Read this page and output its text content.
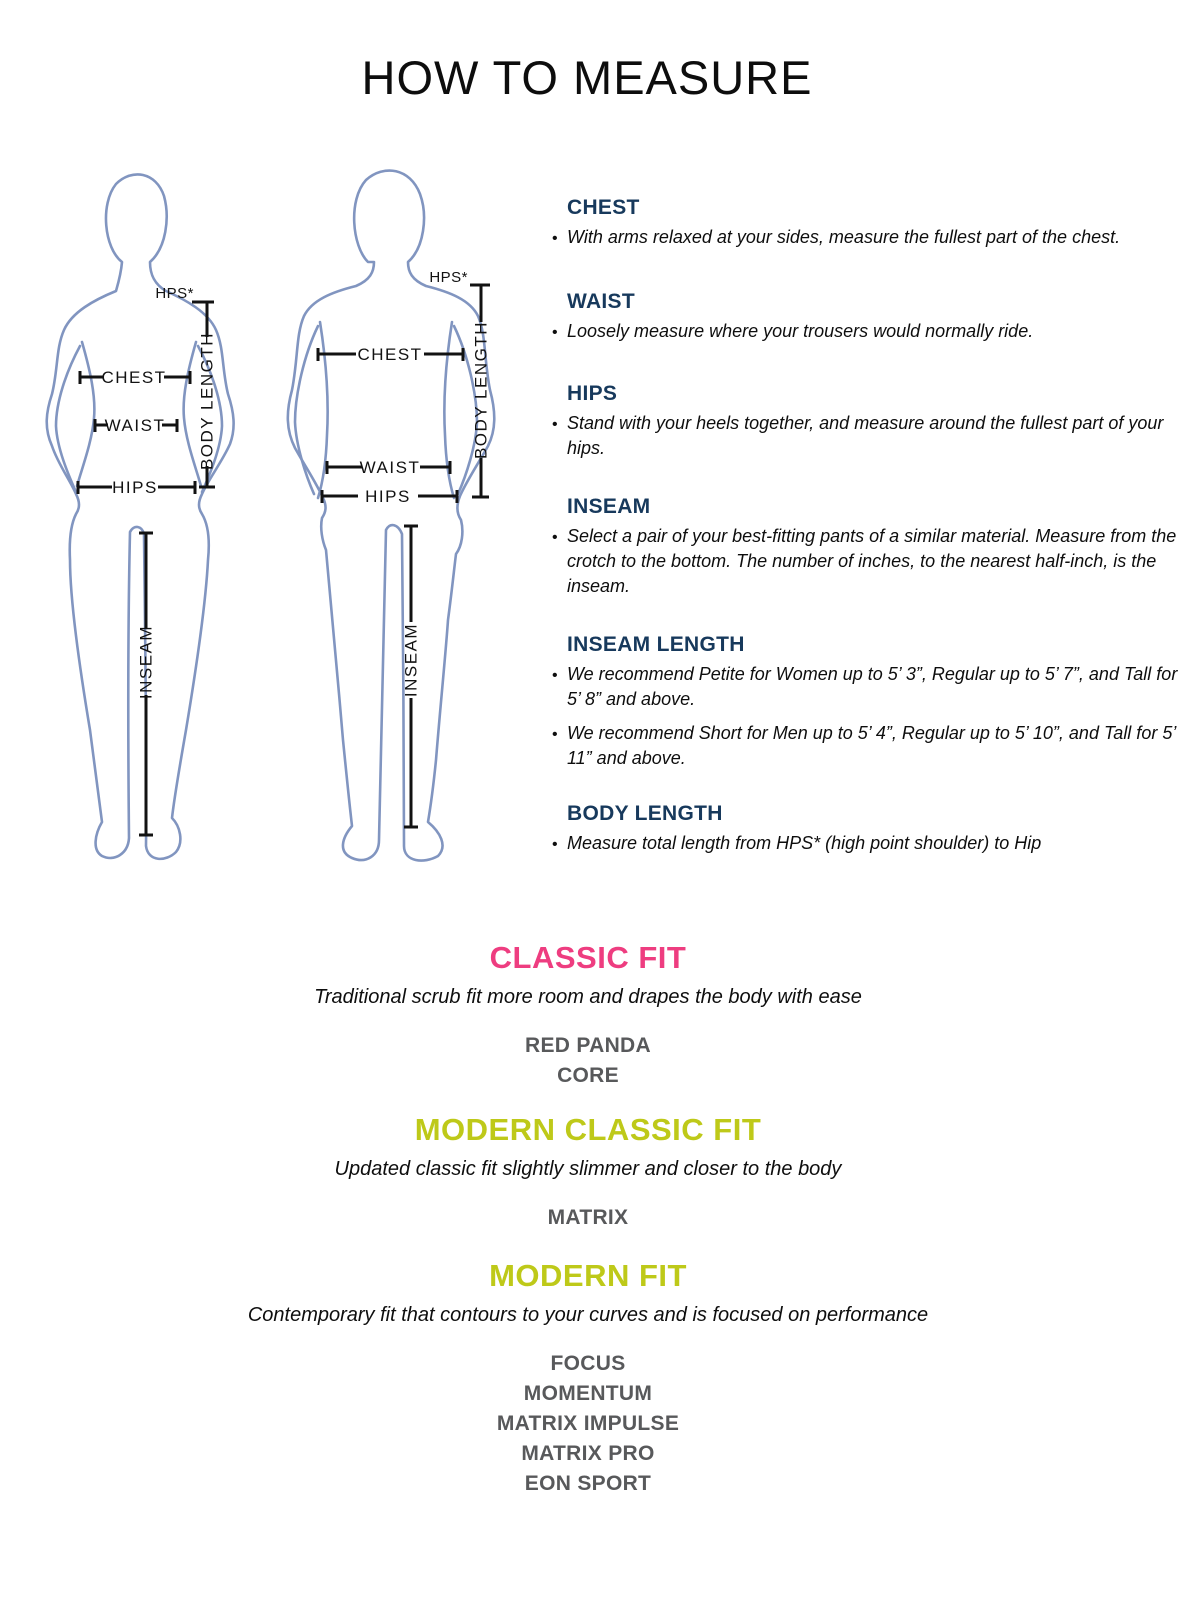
HOW TO MEASURE
HPS*
BODY LENGTH
CHEST
WAIST
HIPS
INSEAM
HPS*
BODY LENGTH
CHEST
WAIST
HIPS
INSEAM
CHEST

• With arms relaxed at your sides, measure the fullest part of the chest.

WAIST

• Loosely measure where your trousers would normally ride.

HIPS

• Stand with your heels together, and measure around the fullest part of your hips.

INSEAM

• Select a pair of your best-fitting pants of a similar material. Measure from the crotch to the bottom. The number of inches, to the nearest half-inch, is the inseam.

INSEAM LENGTH

• We recommend Petite for Women up to 5’ 3”, Regular up to 5’ 7”, and Tall for 5’ 8” and above.

• We recommend Short for Men up to 5’ 4”, Regular up to 5’ 10”, and Tall for 5’ 11” and above.

BODY LENGTH

• Measure total length from HPS* (high point shoulder) to Hip

CLASSIC FIT

Traditional scrub fit more room and drapes the body with ease

RED PANDA
CORE
MODERN CLASSIC FIT

Updated classic fit slightly slimmer and closer to the body

MATRIX
MODERN FIT

Contemporary fit that contours to your curves and is focused on performance

FOCUS
MOMENTUM
MATRIX IMPULSE
MATRIX PRO
EON SPORT
